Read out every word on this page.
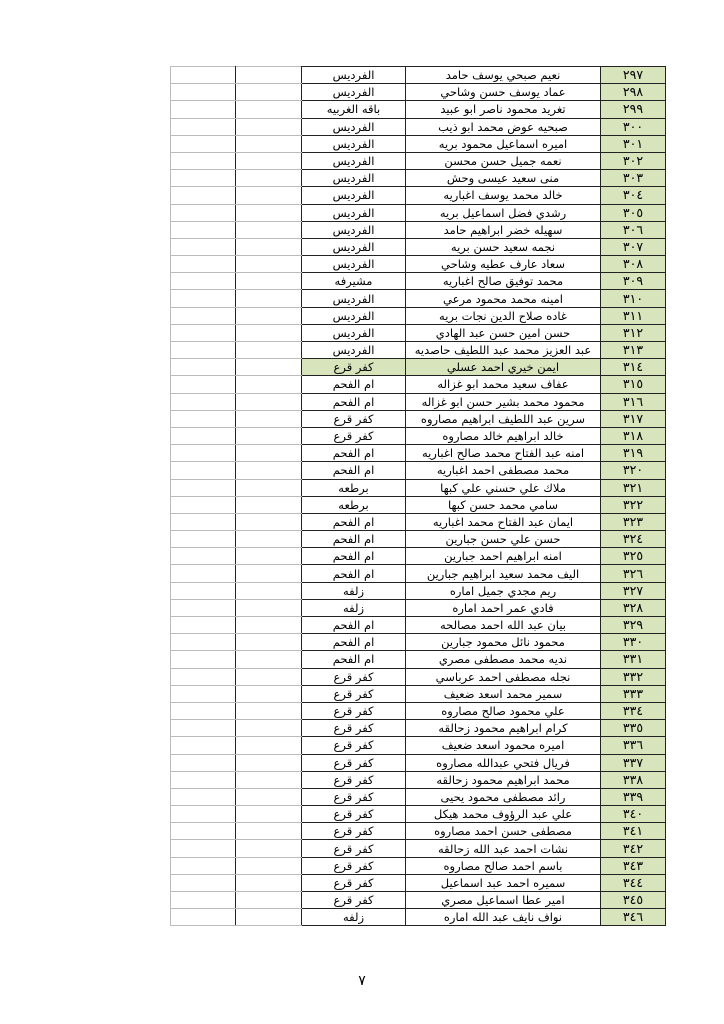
		الفرديس	نعيم صبحي يوسف حامد	٢٩٧
		الفرديس	عماد يوسف حسن وشاحي	٢٩٨
		باقه الغربيه	تغريد محمود ناصر ابو عبيد	٢٩٩
		الفرديس	صبحيه عوض محمد ابو ذيب	٣٠٠
		الفرديس	اميره اسماعيل محمود بريه	٣٠١
		الفرديس	نعمه جميل حسن محسن	٣٠٢
		الفرديس	منى سعيد عيسى وحش	٣٠٣
		الفرديس	خالد محمد يوسف اغباريه	٣٠٤
		الفرديس	رشدي فضل اسماعيل بريه	٣٠٥
		الفرديس	سهيله خضر ابراهيم حامد	٣٠٦
		الفرديس	نجمه سعيد حسن بريه	٣٠٧
		الفرديس	سعاد عارف عطيه وشاحي	٣٠٨
		مشيرفه	محمد توفيق صالح اغباريه	٣٠٩
		الفرديس	امينه محمد محمود مرعي	٣١٠
		الفرديس	غاده صلاح الدين نجات بريه	٣١١
		الفرديس	حسن امين حسن عبد الهادي	٣١٢
		الفرديس	عبد العزيز محمد عبد اللطيف حاصديه	٣١٣
		كفر قرع	ايمن خيري احمد عسلي	٣١٤
		ام الفحم	عفاف سعيد محمد ابو غزاله	٣١٥
		ام الفحم	محمود محمد بشير حسن ابو غزاله	٣١٦
		كفر قرع	سرين عبد اللطيف ابراهيم مصاروه	٣١٧
		كفر قرع	خالد ابراهيم خالد مصاروه	٣١٨
		ام الفحم	امنه عبد الفتاح محمد صالح اغباريه	٣١٩
		ام الفحم	محمد مصطفى احمد اغباريه	٣٢٠
		برطعه	ملاك علي حسني علي كبها	٣٢١
		برطعه	سامي محمد حسن كبها	٣٢٢
		ام الفحم	ايمان عبد الفتاح محمد اغباريه	٣٢٣
		ام الفحم	حسن علي حسن جبارين	٣٢٤
		ام الفحم	امنه ابراهيم احمد جبارين	٣٢٥
		ام الفحم	اليف محمد سعيد ابراهيم جبارين	٣٢٦
		زلفه	ريم مجدي جميل اماره	٣٢٧
		زلفه	فادي عمر احمد اماره	٣٢٨
		ام الفحم	بيان عبد الله احمد مصالحه	٣٢٩
		ام الفحم	محمود نائل محمود جبارين	٣٣٠
		ام الفحم	نديه محمد مصطفى مصري	٣٣١
		كفر قرع	نجله مصطفى احمد عرباسي	٣٣٢
		كفر قرع	سمير محمد اسعد ضعيف	٣٣٣
		كفر قرع	علي محمود صالح مصاروه	٣٣٤
		كفر قرع	كرام ابراهيم محمود زحالقه	٣٣٥
		كفر قرع	اميره محمود اسعد ضعيف	٣٣٦
		كفر قرع	فريال فتحي عبدالله مصاروه	٣٣٧
		كفر قرع	محمد ابراهيم محمود زحالقه	٣٣٨
		كفر قرع	رائد مصطفى محمود يحيى	٣٣٩
		كفر قرع	علي عبد الرؤوف محمد هيكل	٣٤٠
		كفر قرع	مصطفى حسن احمد مصاروه	٣٤١
		كفر قرع	نشات احمد عبد الله زحالقه	٣٤٢
		كفر قرع	باسم احمد صالح مصاروه	٣٤٣
		كفر قرع	سميره احمد عبد اسماعيل	٣٤٤
		كفر قرع	امير عطا اسماعيل مصري	٣٤٥
		زلفه	نواف نايف عبد الله اماره	٣٤٦
٧
